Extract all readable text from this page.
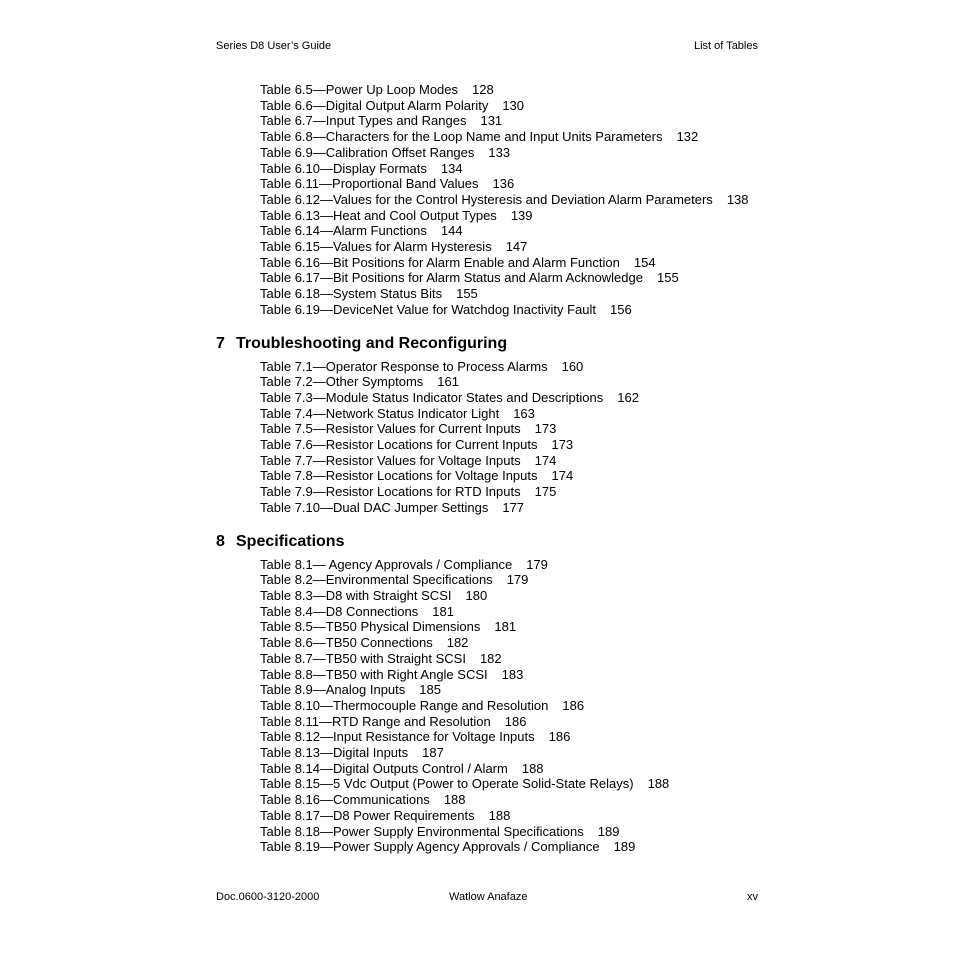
Series D8 User’s Guide	List of Tables
Table 6.5—Power Up Loop Modes 128
Table 6.6—Digital Output Alarm Polarity 130
Table 6.7—Input Types and Ranges 131
Table 6.8—Characters for the Loop Name and Input Units Parameters 132
Table 6.9—Calibration Offset Ranges 133
Table 6.10—Display Formats 134
Table 6.11—Proportional Band Values 136
Table 6.12—Values for the Control Hysteresis and Deviation Alarm Parameters 138
Table 6.13—Heat and Cool Output Types 139
Table 6.14—Alarm Functions 144
Table 6.15—Values for Alarm Hysteresis 147
Table 6.16—Bit Positions for Alarm Enable and Alarm Function 154
Table 6.17—Bit Positions for Alarm Status and Alarm Acknowledge 155
Table 6.18—System Status Bits 155
Table 6.19—DeviceNet Value for Watchdog Inactivity Fault 156
7 Troubleshooting and Reconfiguring
Table 7.1—Operator Response to Process Alarms 160
Table 7.2—Other Symptoms 161
Table 7.3—Module Status Indicator States and Descriptions 162
Table 7.4—Network Status Indicator Light 163
Table 7.5—Resistor Values for Current Inputs 173
Table 7.6—Resistor Locations for Current Inputs 173
Table 7.7—Resistor Values for Voltage Inputs 174
Table 7.8—Resistor Locations for Voltage Inputs 174
Table 7.9—Resistor Locations for RTD Inputs 175
Table 7.10—Dual DAC Jumper Settings 177
8 Specifications
Table 8.1— Agency Approvals / Compliance 179
Table 8.2—Environmental Specifications 179
Table 8.3—D8 with Straight SCSI 180
Table 8.4—D8 Connections 181
Table 8.5—TB50 Physical Dimensions 181
Table 8.6—TB50 Connections 182
Table 8.7—TB50 with Straight SCSI 182
Table 8.8—TB50 with Right Angle SCSI 183
Table 8.9—Analog Inputs 185
Table 8.10—Thermocouple Range and Resolution 186
Table 8.11—RTD Range and Resolution 186
Table 8.12—Input Resistance for Voltage Inputs 186
Table 8.13—Digital Inputs 187
Table 8.14—Digital Outputs Control / Alarm 188
Table 8.15—5 Vdc Output (Power to Operate Solid-State Relays) 188
Table 8.16—Communications 188
Table 8.17—D8 Power Requirements 188
Table 8.18—Power Supply Environmental Specifications 189
Table 8.19—Power Supply Agency Approvals / Compliance 189
Doc.0600-3120-2000	Watlow Anafaze	xv
